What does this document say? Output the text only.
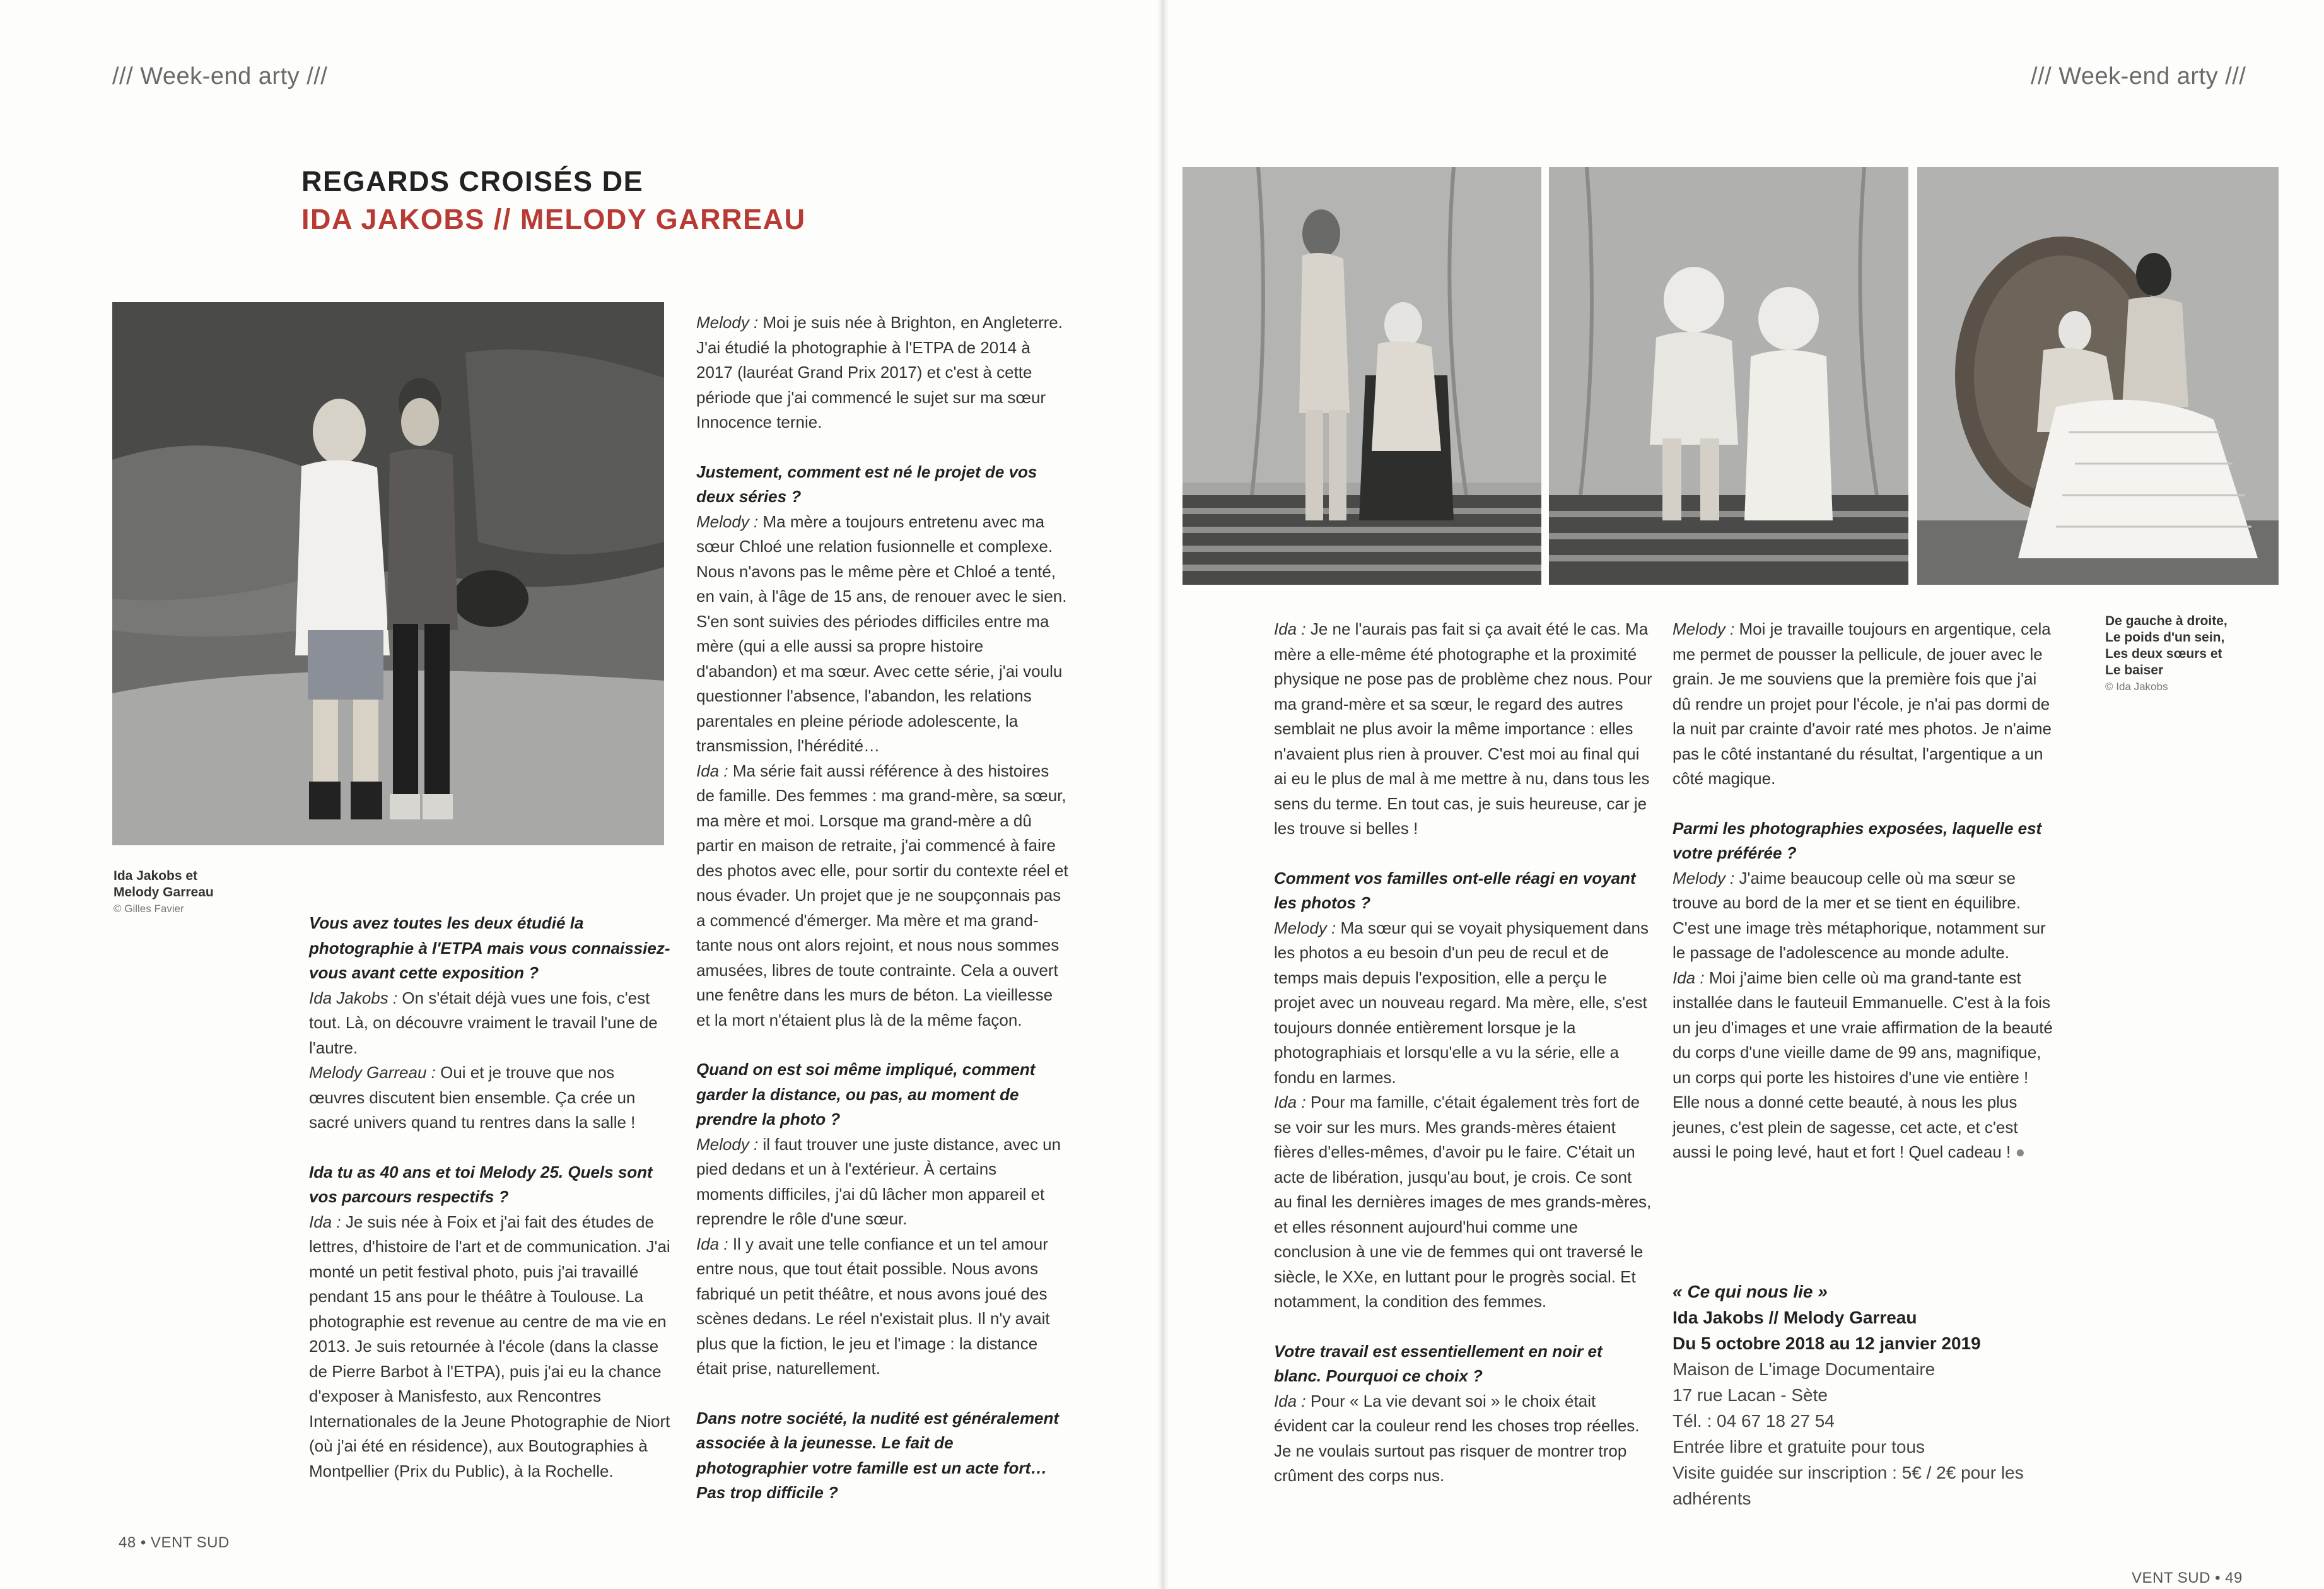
/// Week-end arty ///	/// Week-end arty ///
REGARDS CROISÉS DE
IDA JAKOBS // MELODY GARREAU
Ida Jakobs et
Melody Garreau
© Gilles Favier
De gauche à droite,
Le poids d'un sein,
Les deux sœurs et
Le baiser
© Ida Jakobs

Vous avez toutes les deux étudié la photographie à l'ETPA mais vous connaissiez-vous avant cette exposition ?

Ida Jakobs : On s'était déjà vues une fois, c'est tout. Là, on découvre vraiment le travail l'une de l'autre.

Melody Garreau : Oui et je trouve que nos œuvres discutent bien ensemble. Ça crée un sacré univers quand tu rentres dans la salle !

Ida tu as 40 ans et toi Melody 25. Quels sont vos parcours respectifs ?

Ida : Je suis née à Foix et j'ai fait des études de lettres, d'histoire de l'art et de communication. J'ai monté un petit festival photo, puis j'ai travaillé pendant 15 ans pour le théâtre à Toulouse. La photographie est revenue au centre de ma vie en 2013. Je suis retournée à l'école (dans la classe de Pierre Barbot à l'ETPA), puis j'ai eu la chance d'exposer à Manisfesto, aux Rencontres Internationales de la Jeune Photographie de Niort (où j'ai été en résidence), aux Boutographies à Montpellier (Prix du Public), à la Rochelle.

Melody : Moi je suis née à Brighton, en Angleterre. J'ai étudié la photographie à l'ETPA de 2014 à 2017 (lauréat Grand Prix 2017) et c'est à cette période que j'ai commencé le sujet sur ma sœur Innocence ternie.

Justement, comment est né le projet de vos deux séries ?

Melody : Ma mère a toujours entretenu avec ma sœur Chloé une relation fusionnelle et complexe. Nous n'avons pas le même père et Chloé a tenté, en vain, à l'âge de 15 ans, de renouer avec le sien. S'en sont suivies des périodes difficiles entre ma mère (qui a elle aussi sa propre histoire d'abandon) et ma sœur. Avec cette série, j'ai voulu questionner l'absence, l'abandon, les relations parentales en pleine période adolescente, la transmission, l'hérédité…

Ida : Ma série fait aussi référence à des histoires de famille. Des femmes : ma grand-mère, sa sœur, ma mère et moi. Lorsque ma grand-mère a dû partir en maison de retraite, j'ai commencé à faire des photos avec elle, pour sortir du contexte réel et nous évader. Un projet que je ne soupçonnais pas a commencé d'émerger. Ma mère et ma grand-tante nous ont alors rejoint, et nous nous sommes amusées, libres de toute contrainte. Cela a ouvert une fenêtre dans les murs de béton. La vieillesse et la mort n'étaient plus là de la même façon.

Quand on est soi même impliqué, comment garder la distance, ou pas, au moment de prendre la photo ?

Melody : il faut trouver une juste distance, avec un pied dedans et un à l'extérieur. À certains moments difficiles, j'ai dû lâcher mon appareil et reprendre le rôle d'une sœur.

Ida : Il y avait une telle confiance et un tel amour entre nous, que tout était possible. Nous avons fabriqué un petit théâtre, et nous avons joué des scènes dedans. Le réel n'existait plus. Il n'y avait plus que la fiction, le jeu et l'image : la distance était prise, naturellement.

Dans notre société, la nudité est généralement associée à la jeunesse. Le fait de photographier votre famille est un acte fort…Pas trop difficile ?

Ida : Je ne l'aurais pas fait si ça avait été le cas. Ma mère a elle-même été photographe et la proximité physique ne pose pas de problème chez nous. Pour ma grand-mère et sa sœur, le regard des autres semblait ne plus avoir la même importance : elles n'avaient plus rien à prouver. C'est moi au final qui ai eu le plus de mal à me mettre à nu, dans tous les sens du terme. En tout cas, je suis heureuse, car je les trouve si belles !

Comment vos familles ont-elle réagi en voyant les photos ?

Melody : Ma sœur qui se voyait physiquement dans les photos a eu besoin d'un peu de recul et de temps mais depuis l'exposition, elle a perçu le projet avec un nouveau regard. Ma mère, elle, s'est toujours donnée entièrement lorsque je la photographiais et lorsqu'elle a vu la série, elle a fondu en larmes.

Ida : Pour ma famille, c'était également très fort de se voir sur les murs. Mes grands-mères étaient fières d'elles-mêmes, d'avoir pu le faire. C'était un acte de libération, jusqu'au bout, je crois. Ce sont au final les dernières images de mes grands-mères, et elles résonnent aujourd'hui comme une conclusion à une vie de femmes qui ont traversé le siècle, le XXe, en luttant pour le progrès social. Et notamment, la condition des femmes.

Votre travail est essentiellement en noir et blanc. Pourquoi ce choix ?

Ida : Pour « La vie devant soi » le choix était évident car la couleur rend les choses trop réelles. Je ne voulais surtout pas risquer de montrer trop crûment des corps nus.

Melody : Moi je travaille toujours en argentique, cela me permet de pousser la pellicule, de jouer avec le grain. Je me souviens que la première fois que j'ai dû rendre un projet pour l'école, je n'ai pas dormi de la nuit par crainte d'avoir raté mes photos. Je n'aime pas le côté instantané du résultat, l'argentique a un côté magique.

Parmi les photographies exposées, laquelle est votre préférée ?

Melody : J'aime beaucoup celle où ma sœur se trouve au bord de la mer et se tient en équilibre. C'est une image très métaphorique, notamment sur le passage de l'adolescence au monde adulte.

Ida : Moi j'aime bien celle où ma grand-tante est installée dans le fauteuil Emmanuelle. C'est à la fois un jeu d'images et une vraie affirmation de la beauté du corps d'une vieille dame de 99 ans, magnifique, un corps qui porte les histoires d'une vie entière ! Elle nous a donné cette beauté, à nous les plus jeunes, c'est plein de sagesse, cet acte, et c'est aussi le poing levé, haut et fort ! Quel cadeau ! ●

« Ce qui nous lie »
Ida Jakobs // Melody Garreau
Du 5 octobre 2018 au 12 janvier 2019
Maison de L'image Documentaire
17 rue Lacan - Sète
Tél. : 04 67 18 27 54
Entrée libre et gratuite pour tous
Visite guidée sur inscription : 5€ / 2€ pour les adhérents
48 • VENT SUD
VENT SUD • 49
